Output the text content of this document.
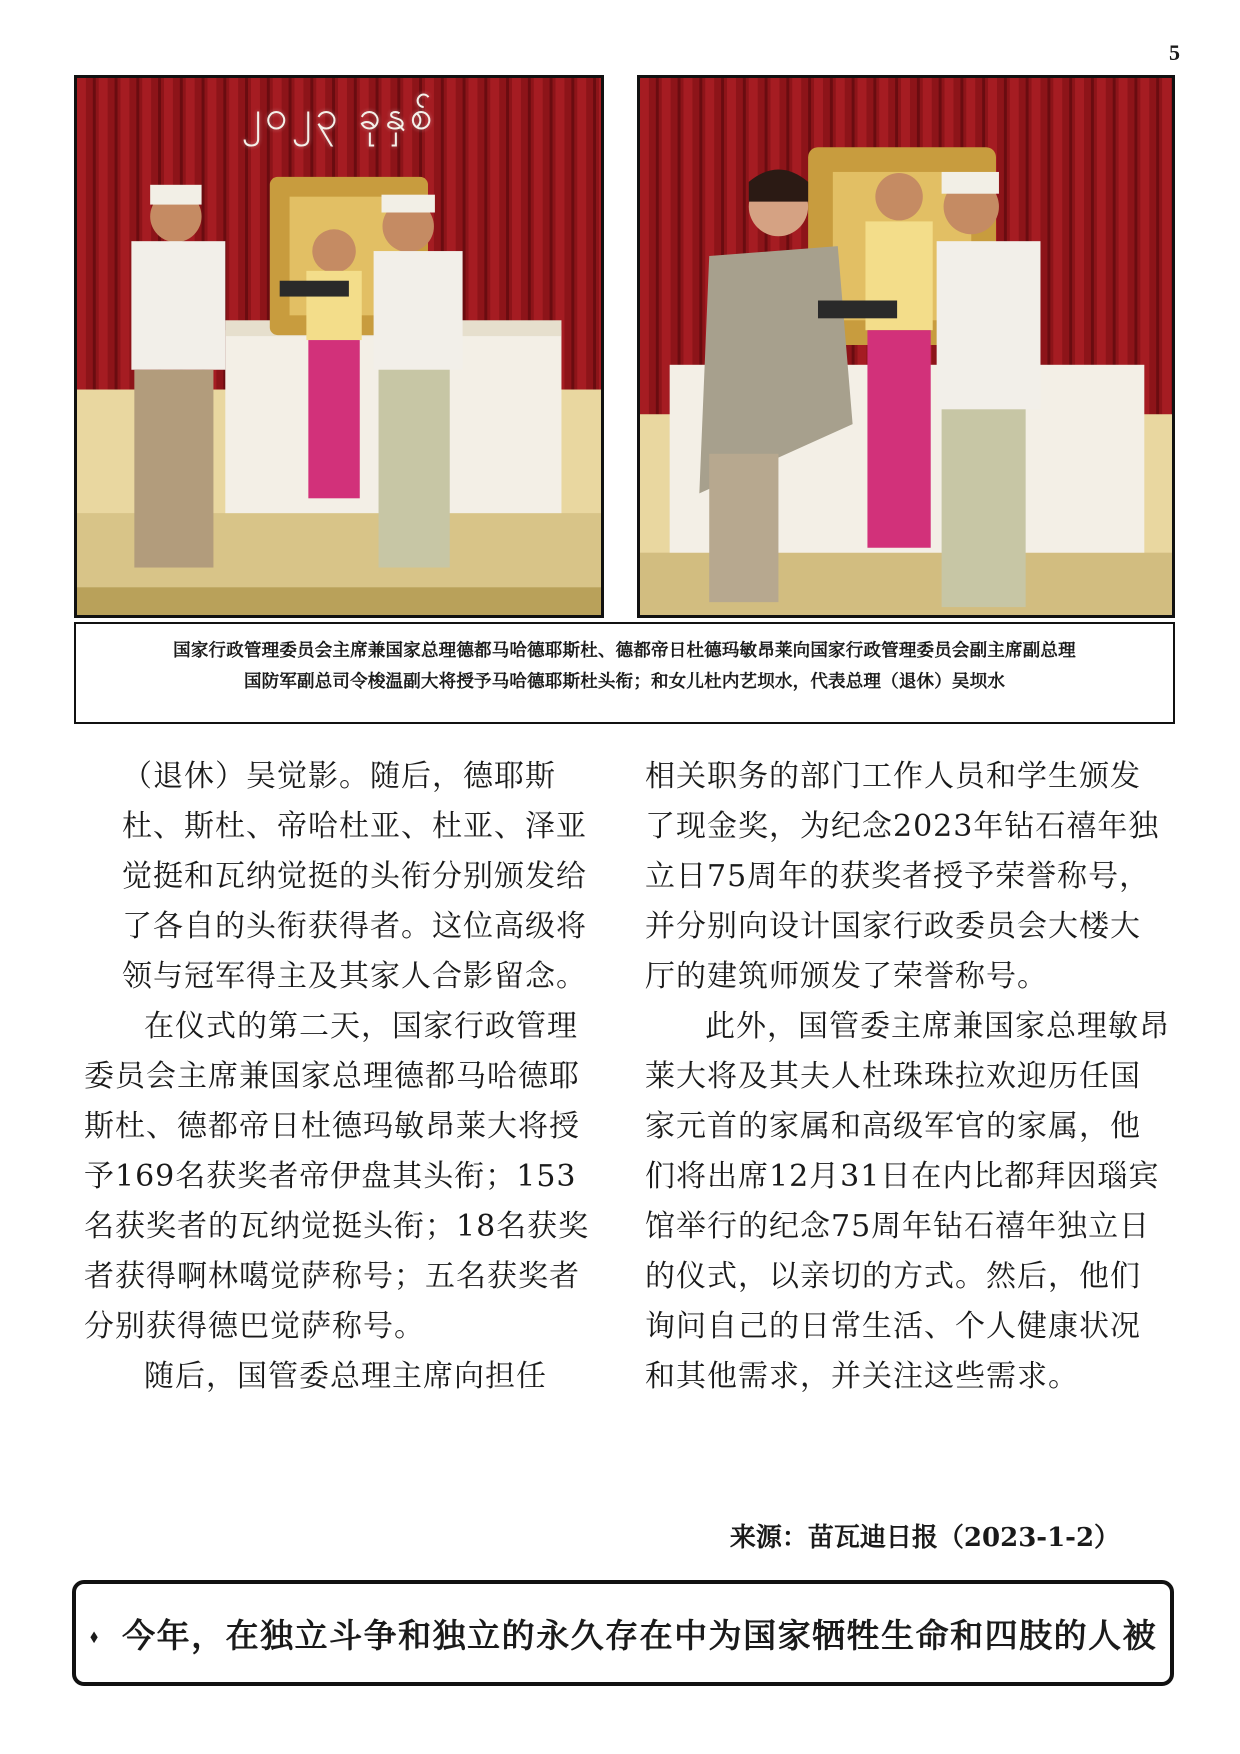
5
၂၀၂၃ ခုနှစ်
国家行政管理委员会主席兼国家总理德都马哈德耶斯杜、德都帝日杜德玛敏昂莱向国家行政管理委员会副主席副总理
国防军副总司令梭温副大将授予马哈德耶斯杜头衔；和女儿杜内艺坝水，代表总理（退休）吴坝水

（退休）吴觉影。随后，德耶斯杜、斯杜、帝哈杜亚、杜亚、泽亚觉挺和瓦纳觉挺的头衔分别颁发给了各自的头衔获得者。这位高级将领与冠军得主及其家人合影留念。

在仪式的第二天，国家行政管理委员会主席兼国家总理德都马哈德耶斯杜、德都帝日杜德玛敏昂莱大将授予169名获奖者帝伊盘其头衔；153名获奖者的瓦纳觉挺头衔；18名获奖者获得啊林噶觉萨称号；五名获奖者分别获得德巴觉萨称号。

随后，国管委总理主席向担任

相关职务的部门工作人员和学生颁发了现金奖，为纪念2023年钻石禧年独立日75周年的获奖者授予荣誉称号，并分别向设计国家行政委员会大楼大厅的建筑师颁发了荣誉称号。

此外，国管委主席兼国家总理敏昂莱大将及其夫人杜珠珠拉欢迎历任国家元首的家属和高级军官的家属，他们将出席12月31日在内比都拜因瑙宾馆举行的纪念75周年钻石禧年独立日的仪式，以亲切的方式。然后，他们询问自己的日常生活、个人健康状况和其他需求，并关注这些需求。

来源：苗瓦迪日报（2023-1-2）
⬧ 今年，在独立斗争和独立的永久存在中为国家牺牲生命和四肢的人被
